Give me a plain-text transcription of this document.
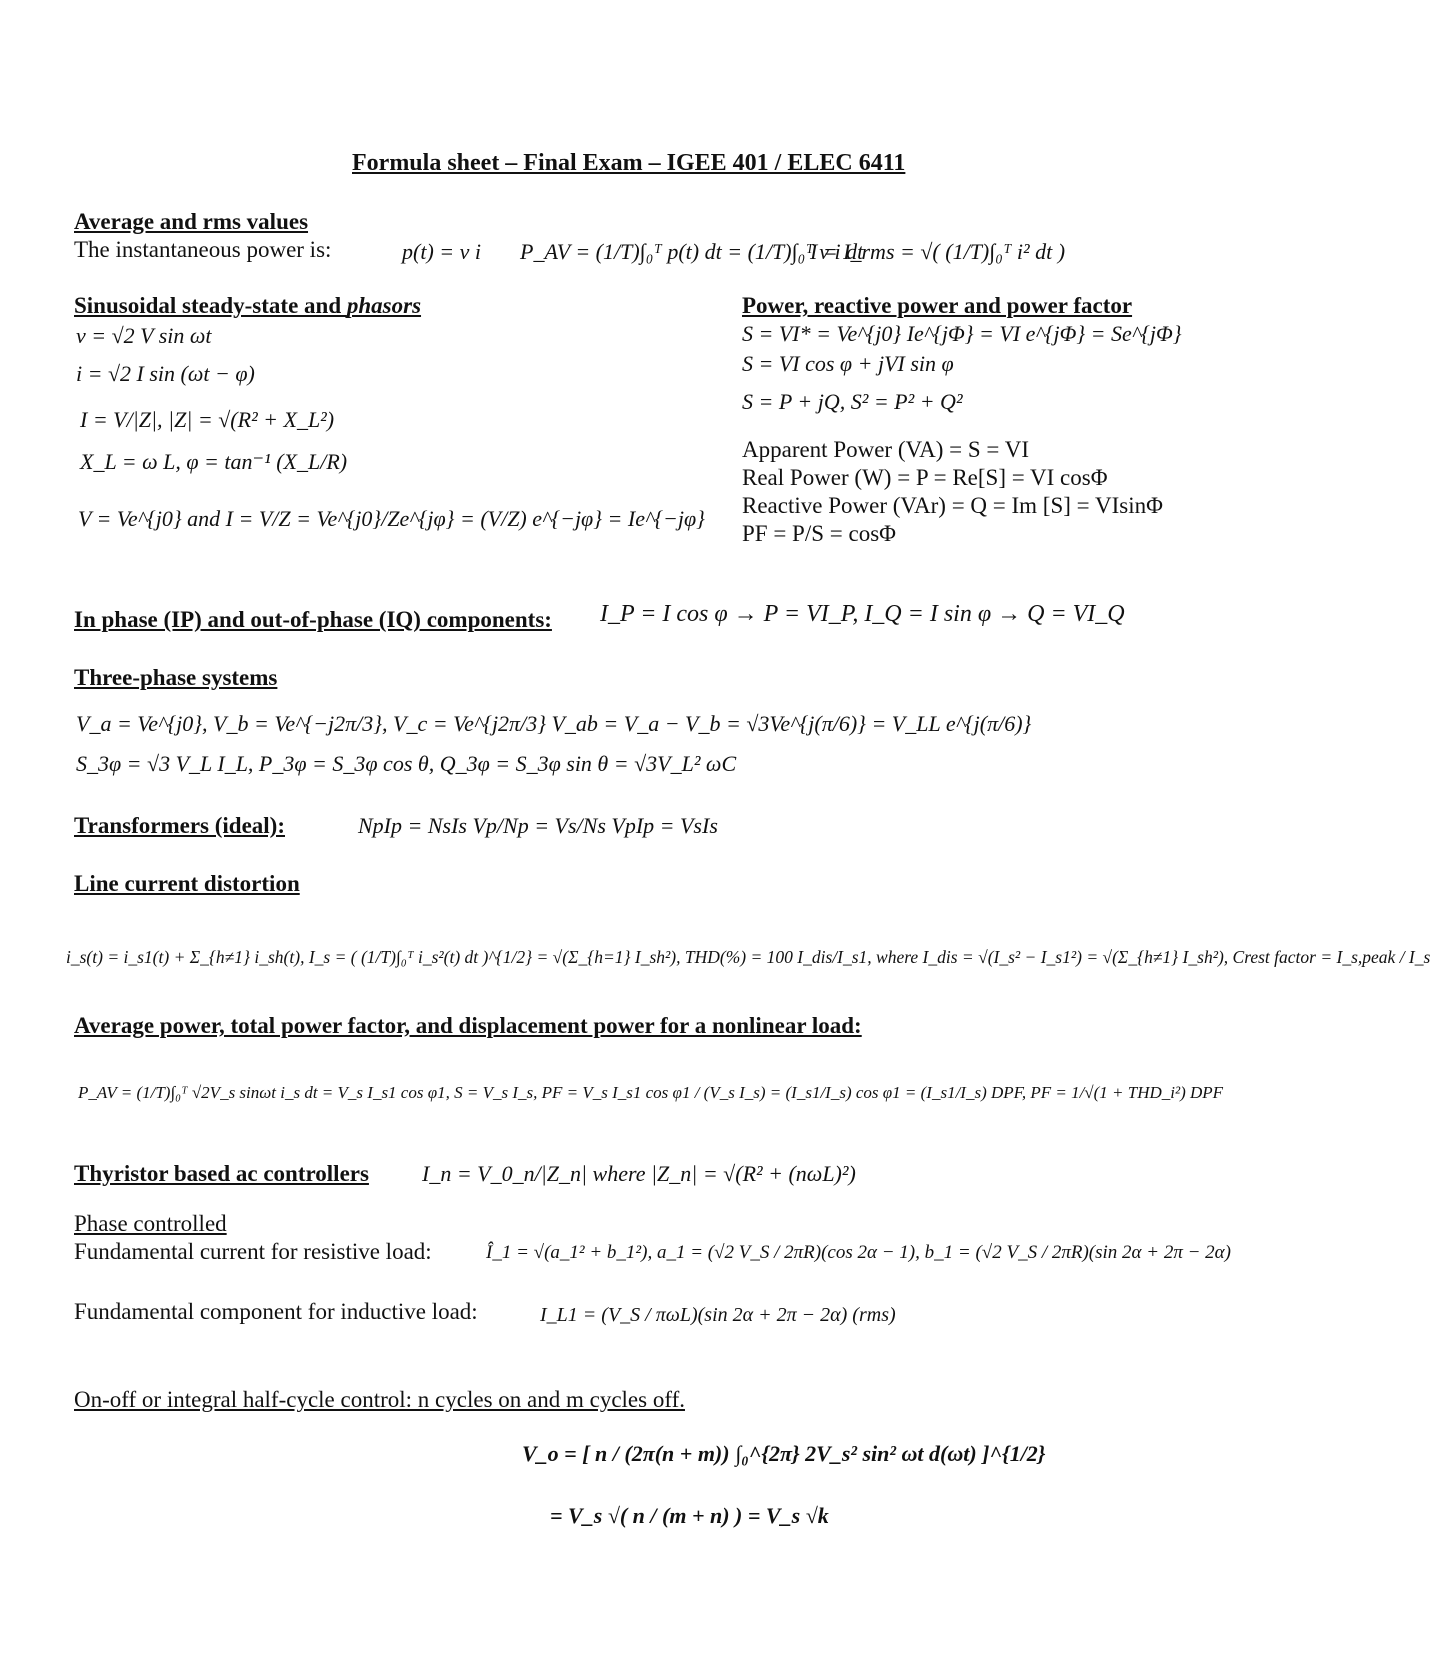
Formula sheet – Final Exam – IGEE 401 / ELEC 6411
Average and rms values
The instantaneous power is:	p(t) = v i P_AV = (1/T)∫₀ᵀ p(t) dt = (1/T)∫₀ᵀ v i dt
I = I_rms = √( (1/T)∫₀ᵀ i² dt )
Sinusoidal steady-state and phasors
v = √2 V sin ωt
i = √2 I sin (ωt − φ)
I = V/|Z|, |Z| = √(R² + X_L²)
X_L = ω L, φ = tan⁻¹ (X_L/R)
V = Ve^{j0} and I = V/Z = Ve^{j0}/Ze^{jφ} = (V/Z) e^{−jφ} = Ie^{−jφ}
Power, reactive power and power factor
S = VI* = Ve^{j0} Ie^{jΦ} = VI e^{jΦ} = Se^{jΦ}
S = VI cos φ + jVI sin φ
S = P + jQ, S² = P² + Q²
Apparent Power (VA) = S = VI
Real Power (W) = P = Re[S] = VI cosΦ
Reactive Power (VAr) = Q = Im [S] = VIsinΦ
PF = P/S = cosΦ
In phase (IP) and out-of-phase (IQ) components: I_P = I cos φ → P = VI_P, I_Q = I sin φ → Q = VI_Q
Three-phase systems
V_a = Ve^{j0}, V_b = Ve^{−j2π/3}, V_c = Ve^{j2π/3} V_ab = V_a − V_b = √3Ve^{j(π/6)} = V_LL e^{j(π/6)}
S_3φ = √3 V_L I_L, P_3φ = S_3φ cos θ, Q_3φ = S_3φ sin θ = √3V_L² ωC
Transformers (ideal):	NpIp = NsIs Vp/Np = Vs/Ns VpIp = VsIs
Line current distortion
i_s(t) = i_s1(t) + Σ_{h≠1} i_sh(t), I_s = ( (1/T)∫₀ᵀ i_s²(t) dt )^{1/2} = √(Σ_{h=1} I_sh²), THD(%) = 100 I_dis/I_s1, where I_dis = √(I_s² − I_s1²) = √(Σ_{h≠1} I_sh²), Crest factor = I_s,peak / I_s
Average power, total power factor, and displacement power for a nonlinear load:
P_AV = (1/T)∫₀ᵀ √2V_s sinωt i_s dt = V_s I_s1 cos φ1, S = V_s I_s, PF = V_s I_s1 cos φ1 / (V_s I_s) = (I_s1/I_s) cos φ1 = (I_s1/I_s) DPF, PF = 1/√(1 + THD_i²) DPF
Thyristor based ac controllers I_n = V_0_n/|Z_n| where |Z_n| = √(R² + (nωL)²)
Phase controlled
Fundamental current for resistive load:	Î_1 = √(a_1² + b_1²), a_1 = (√2 V_S / 2πR)(cos 2α − 1), b_1 = (√2 V_S / 2πR)(sin 2α + 2π − 2α)
Fundamental component for inductive load:	I_L1 = (V_S / πωL)(sin 2α + 2π − 2α) (rms)
On-off or integral half-cycle control: n cycles on and m cycles off.
V_o = [ n / (2π(n + m)) ∫₀^{2π} 2V_s² sin² ωt d(ωt) ]^{1/2}
= V_s √( n / (m + n) ) = V_s √k
